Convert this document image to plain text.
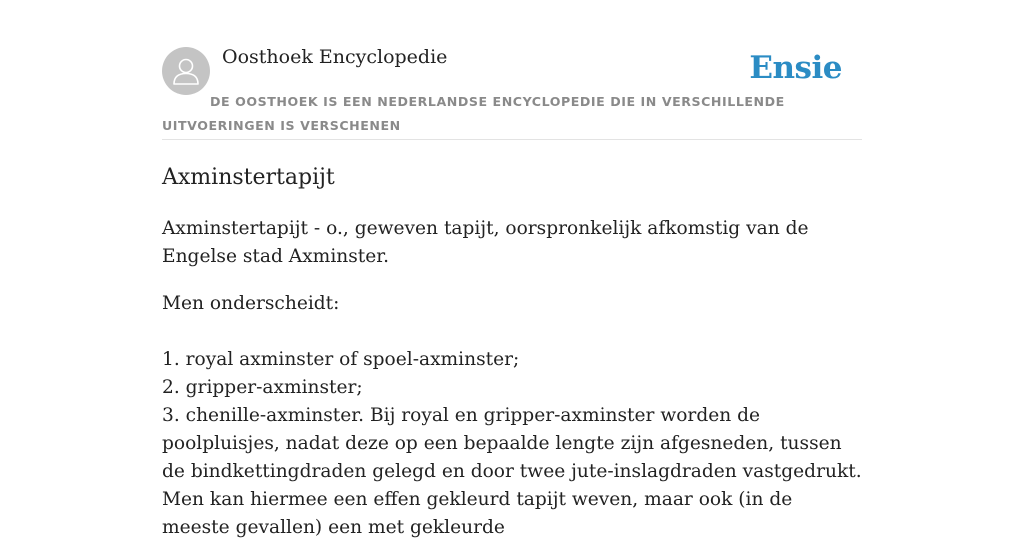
Oosthoek Encyclopedie	Ensie
DE OOSTHOEK IS EEN NEDERLANDSE ENCYCLOPEDIE DIE IN VERSCHILLENDE UITVOERINGEN IS VERSCHENEN
Axminstertapijt

Axminstertapijt - o., geweven tapijt, oorspronkelijk afkomstig van de Engelse stad Axminster.

Men onderscheidt:

1. royal axminster of spoel-axminster;

2. gripper-axminster;

3. chenille-axminster. Bij royal en gripper-axminster worden de poolpluisjes, nadat deze op een bepaalde lengte zijn afgesneden, tussen de bindkettingdraden gelegd en door twee jute-inslagdraden vastgedrukt. Men kan hiermee een effen gekleurd tapijt weven, maar ook (in de meeste gevallen) een met gekleurde
